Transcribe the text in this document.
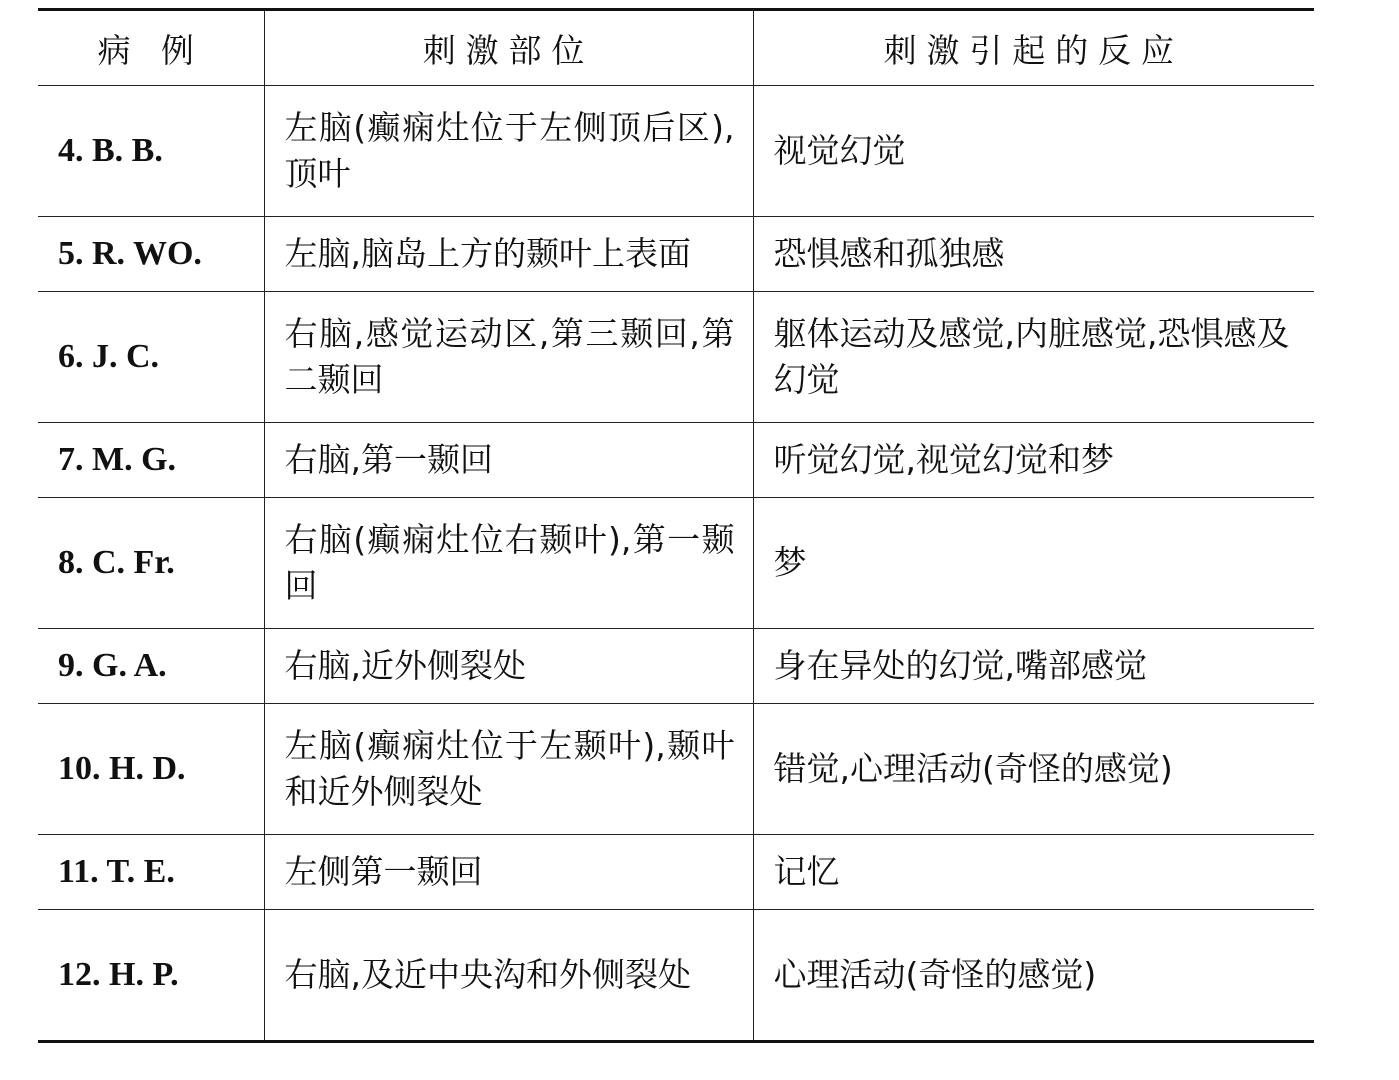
病 例	刺激部位	刺激引起的反应
4. B. B.	左脑(癫痫灶位于左侧顶后区),顶叶	视觉幻觉
5. R. WO.	左脑,脑岛上方的颞叶上表面	恐惧感和孤独感
6. J. C.	右脑,感觉运动区,第三颞回,第二颞回	躯体运动及感觉,内脏感觉,恐惧感及幻觉
7. M. G.	右脑,第一颞回	听觉幻觉,视觉幻觉和梦
8. C. Fr.	右脑(癫痫灶位右颞叶),第一颞回	梦
9. G. A.	右脑,近外侧裂处	身在异处的幻觉,嘴部感觉
10. H. D.	左脑(癫痫灶位于左颞叶),颞叶和近外侧裂处	错觉,心理活动(奇怪的感觉)
11. T. E.	左侧第一颞回	记忆
12. H. P.	右脑,及近中央沟和外侧裂处	心理活动(奇怪的感觉)
